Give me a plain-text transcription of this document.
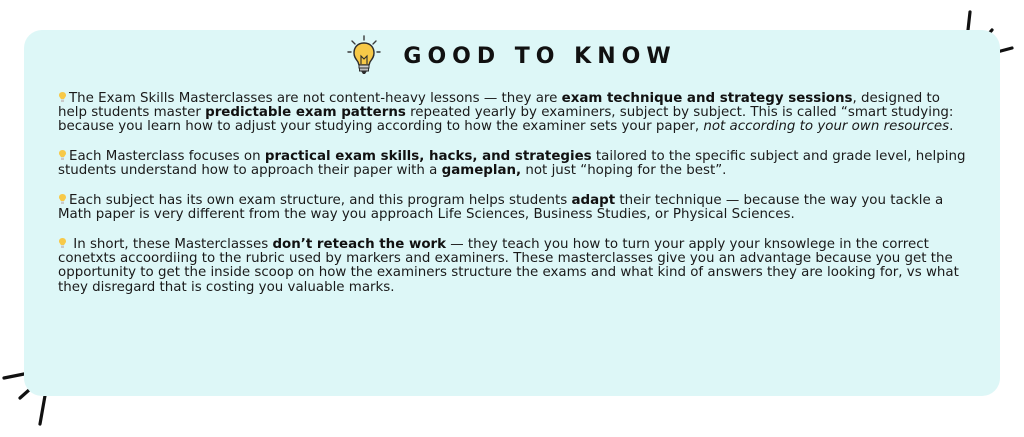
GOOD TO KNOW

The Exam Skills Masterclasses are not content-heavy lessons — they are exam technique and strategy sessions, designed to help students master predictable exam patterns repeated yearly by examiners, subject by subject. This is called “smart studying: because you learn how to adjust your studying according to how the examiner sets your paper, not according to your own resources.

Each Masterclass focuses on practical exam skills, hacks, and strategies tailored to the specific subject and grade level, helping students understand how to approach their paper with a gameplan, not just “hoping for the best”.

Each subject has its own exam structure, and this program helps students adapt their technique — because the way you tackle a Math paper is very different from the way you approach Life Sciences, Business Studies, or Physical Sciences.

In short, these Masterclasses don’t reteach the work — they teach you how to turn your apply your knsowlege in the correct conetxts accoordiing to the rubric used by markers and examiners. These masterclasses give you an advantage because you get the opportunity to get the inside scoop on how the examiners structure the exams and what kind of answers they are looking for, vs what they disregard that is costing you valuable marks.
